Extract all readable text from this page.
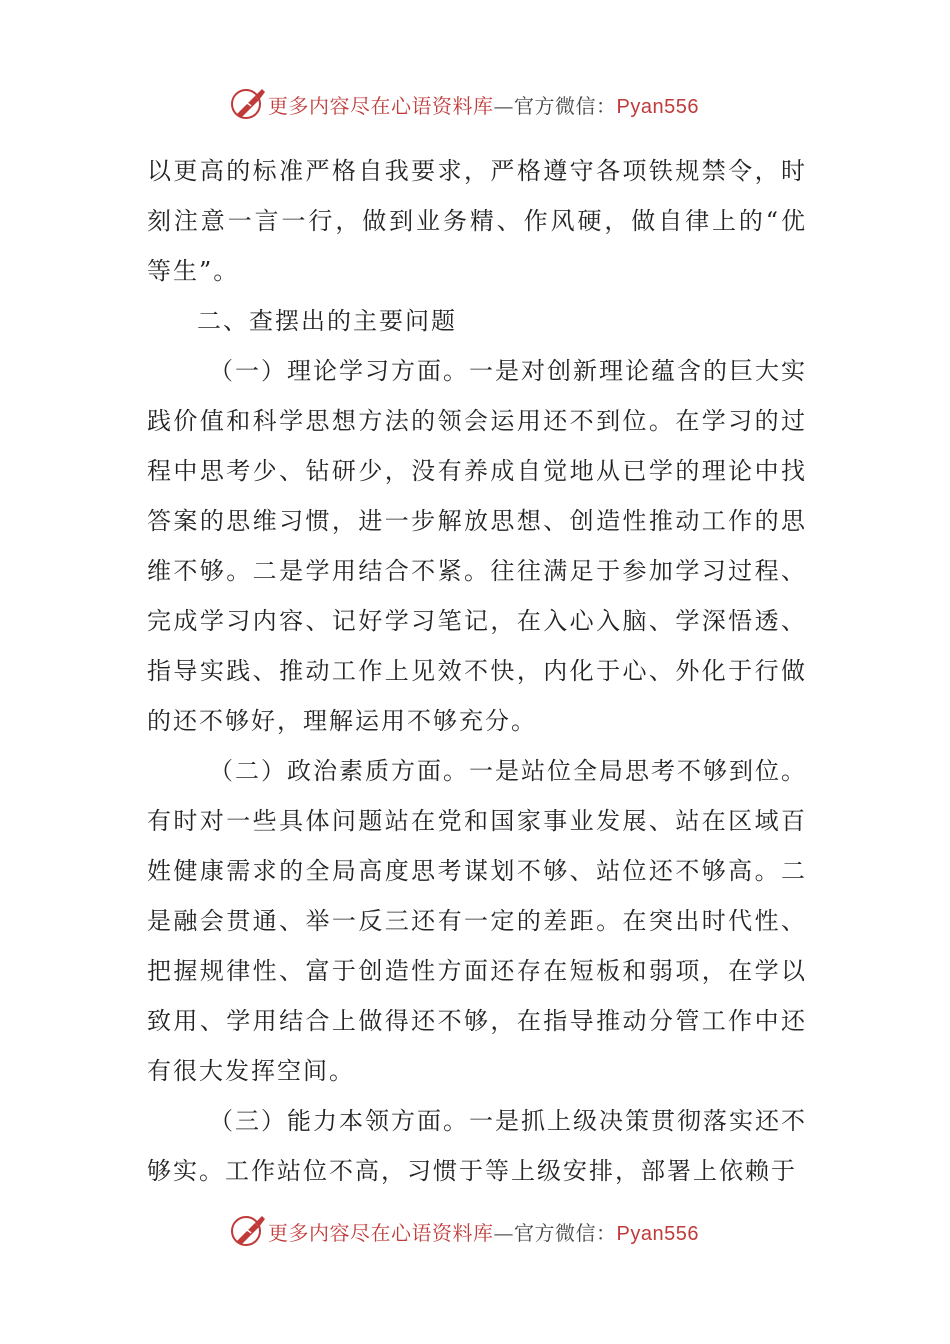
更多内容尽在心语资料库—官方微信：Pyan556

以更高的标准严格自我要求，严格遵守各项铁规禁令，时刻注意一言一行，做到业务精、作风硬，做自律上的“优等生”。

二、查摆出的主要问题

（一）理论学习方面。一是对创新理论蕴含的巨大实践价值和科学思想方法的领会运用还不到位。在学习的过程中思考少、钻研少，没有养成自觉地从已学的理论中找答案的思维习惯，进一步解放思想、创造性推动工作的思维不够。二是学用结合不紧。往往满足于参加学习过程、完成学习内容、记好学习笔记，在入心入脑、学深悟透、指导实践、推动工作上见效不快，内化于心、外化于行做的还不够好，理解运用不够充分。

（二）政治素质方面。一是站位全局思考不够到位。有时对一些具体问题站在党和国家事业发展、站在区域百姓健康需求的全局高度思考谋划不够、站位还不够高。二是融会贯通、举一反三还有一定的差距。在突出时代性、把握规律性、富于创造性方面还存在短板和弱项，在学以致用、学用结合上做得还不够，在指导推动分管工作中还有很大发挥空间。

（三）能力本领方面。一是抓上级决策贯彻落实还不够实。工作站位不高，习惯于等上级安排，部署上依赖于

更多内容尽在心语资料库—官方微信：Pyan556
